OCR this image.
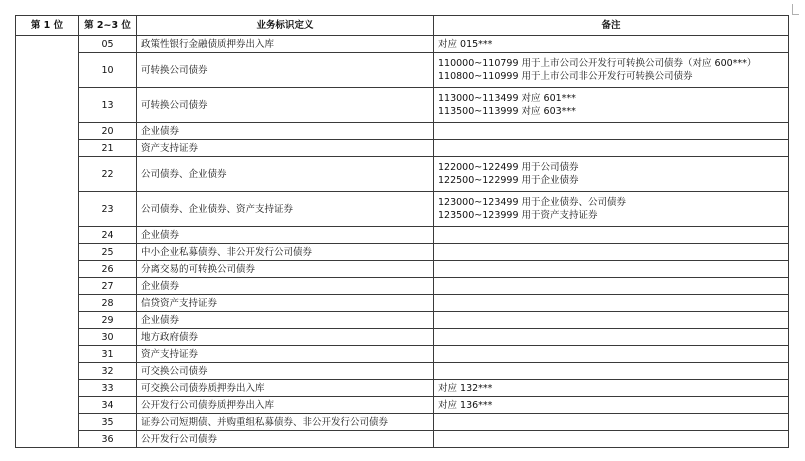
第 1 位	第 2~3 位	业务标识定义	备注
	05	政策性银行金融债质押券出入库	对应 015***

	10	可转换公司债券	110000~110799 用于上市公司公开发行可转换公司债券（对应 600***）
110800~110999 用于上市公司非公开发行可转换公司债券

	13	可转换公司债券	113000~113499 对应 601***
113500~113999 对应 603***

	20	企业债券	
	21	资产支持证券	
	22	公司债券、企业债券	122000~122499 用于公司债券
122500~122999 用于企业债券

	23	公司债券、企业债券、资产支持证券	123000~123499 用于企业债券、公司债券
123500~123999 用于资产支持证券

	24	企业债券	
	25	中小企业私募债券、非公开发行公司债券	
	26	分离交易的可转换公司债券	
	27	企业债券	
	28	信贷资产支持证券	
	29	企业债券	
	30	地方政府债券	
	31	资产支持证券	
	32	可交换公司债券	
	33	可交换公司债券质押券出入库	对应 132***

	34	公开发行公司债券质押券出入库	对应 136***

	35	证券公司短期债、并购重组私募债券、非公开发行公司债券	
	36	公开发行公司债券	
